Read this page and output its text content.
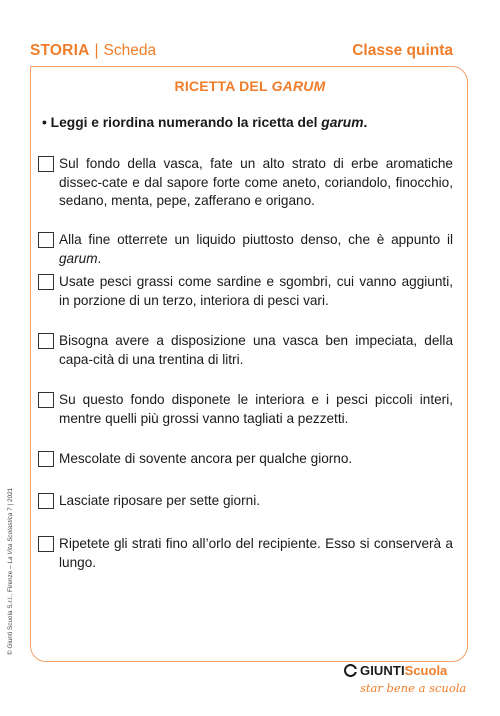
STORIA | Scheda	Classe quinta
RICETTA DEL GARUM
• Leggi e riordina numerando la ricetta del garum.
Sul fondo della vasca, fate un alto strato di erbe aromatiche dissec-cate e dal sapore forte come aneto, coriandolo, finocchio, sedano, menta, pepe, zafferano e origano.
Alla fine otterrete un liquido piuttosto denso, che è appunto il garum.
Usate pesci grassi come sardine e sgombri, cui vanno aggiunti, in porzione di un terzo, interiora di pesci vari.
Bisogna avere a disposizione una vasca ben impeciata, della capa-cità di una trentina di litri.
Su questo fondo disponete le interiora e i pesci piccoli interi, mentre quelli più grossi vanno tagliati a pezzetti.
Mescolate di sovente ancora per qualche giorno.
Lasciate riposare per sette giorni.
Ripetete gli strati fino all’orlo del recipiente. Esso si conserverà a lungo.
© Giunti Scuola S.r.l., Firenze – La Vita Scolastica 7 | 2021
GIUNTI Scuola
star bene a scuola
